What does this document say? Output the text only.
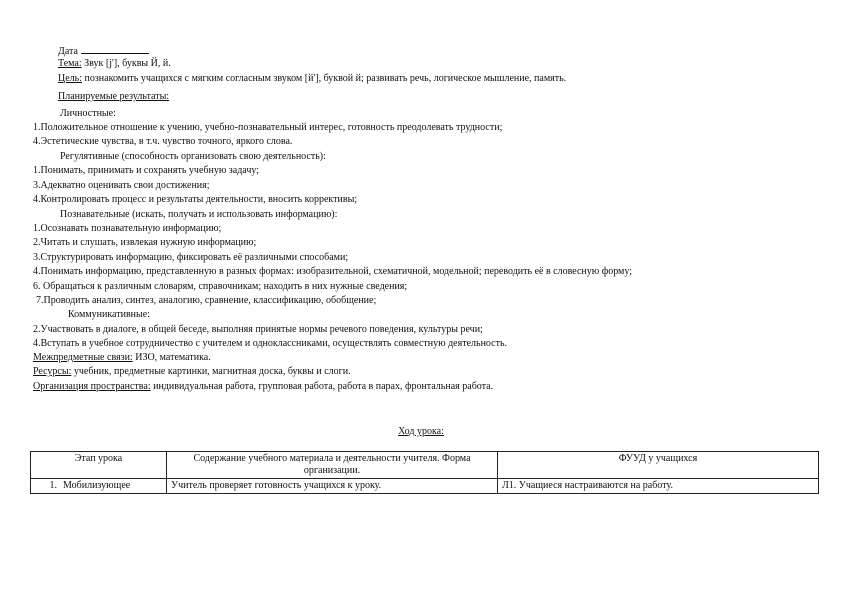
Дата
Тема: Звук [j'], буквы Й, й.
Цель: познакомить учащихся с мягким согласным звуком [й'], буквой й; развивать речь, логическое мышление, память.
Планируемые результаты:
Личностные:
1.Положительное отношение к учению, учебно-познавательный интерес, готовность преодолевать трудности;
4.Эстетические чувства, в т.ч. чувство точного, яркого слова.
Регулятивные (способность организовать свою деятельность):
1.Понимать, принимать и сохранять учебную задачу;
3.Адекватно оценивать свои достижения;
4.Контролировать процесс и результаты деятельности, вносить коррективы;
Познавательные (искать, получать и использовать информацию):
1.Осознавать познавательную информацию;
2.Читать и слушать, извлекая нужную информацию;
3.Структурировать информацию, фиксировать её различными способами;
4.Понимать информацию, представленную в разных формах: изобразительной, схематичной, модельной; переводить её в словесную форму;
6. Обращаться к различным словарям, справочникам; находить в них нужные сведения;
7.Проводить анализ, синтез, аналогию, сравнение, классификацию, обобщение;
Коммуникативные:
2.Участвовать в диалоге, в общей беседе, выполняя принятые нормы речевого поведения, культуры речи;
4.Вступать в учебное сотрудничество с учителем и одноклассниками, осуществлять совместную деятельность.
Межпредметные связи: ИЗО, математика.
Ресурсы: учебник, предметные картинки, магнитная доска, буквы и слоги.
Организация пространства: индивидуальная работа, групповая работа, работа в парах, фронтальная работа.
Ход урока:
Этап урока	Содержание учебного материала и деятельности учителя. Форма организации.	ФУУД у учащихся
1. Мобилизующее	Учитель проверяет готовность учащихся к уроку.	Л1. Учащиеся настраиваются на работу.
